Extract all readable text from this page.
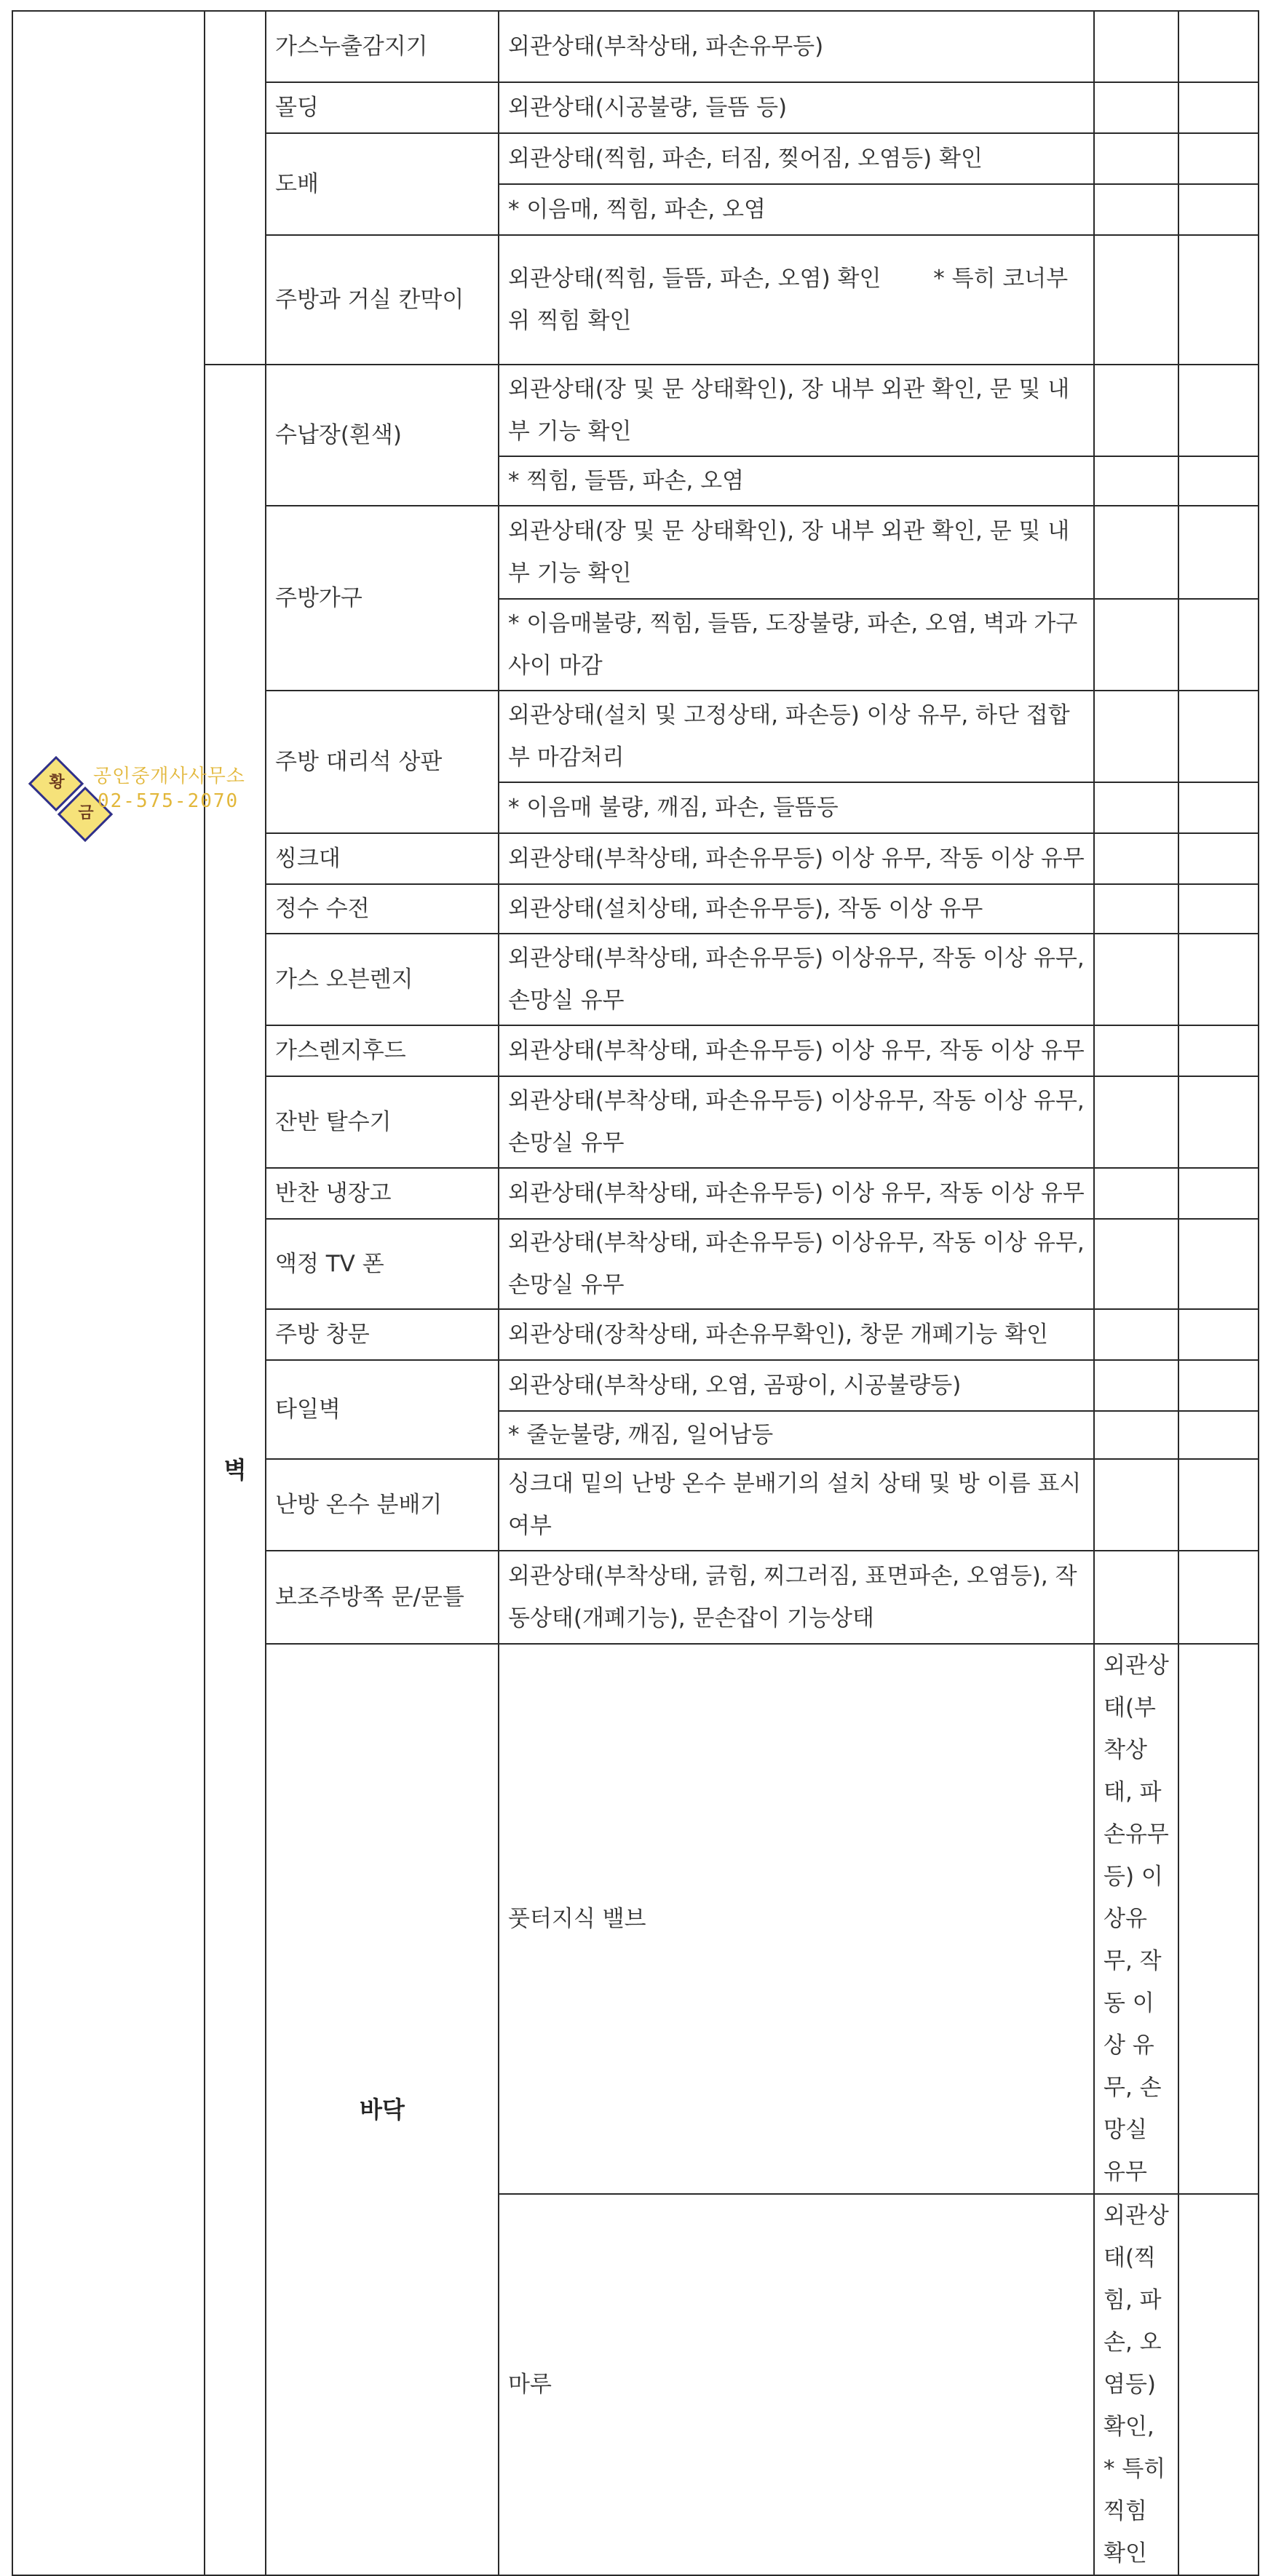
		가스누출감지기	외관상태(부착상태, 파손유무등)			
		몰딩	외관상태(시공불량, 들뜸 등)			
		도배	외관상태(찍힘, 파손, 터짐, 찢어짐, 오염등) 확인			
			* 이음매, 찍힘, 파손, 오염			
		주방과 거실 칸막이	외관상태(찍힘, 들뜸, 파손, 오염) 확인 　　* 특히 코너부위 찍힘 확인			
	벽	수납장(흰색)	외관상태(장 및 문 상태확인), 장 내부 외관 확인, 문 및 내부 기능 확인			
			* 찍힘, 들뜸, 파손, 오염			
		주방가구	외관상태(장 및 문 상태확인), 장 내부 외관 확인, 문 및 내부 기능 확인			
			* 이음매불량, 찍힘, 들뜸, 도장불량, 파손, 오염, 벽과 가구 사이 마감			
		주방 대리석 상판	외관상태(설치 및 고정상태, 파손등) 이상 유무, 하단 접합부 마감처리			
			* 이음매 불량, 깨짐, 파손, 들뜸등			
		씽크대	외관상태(부착상태, 파손유무등) 이상 유무, 작동 이상 유무			
		정수 수전	외관상태(설치상태, 파손유무등), 작동 이상 유무			
		가스 오븐렌지	외관상태(부착상태, 파손유무등) 이상유무, 작동 이상 유무, 손망실 유무			
		가스렌지후드	외관상태(부착상태, 파손유무등) 이상 유무, 작동 이상 유무			
		잔반 탈수기	외관상태(부착상태, 파손유무등) 이상유무, 작동 이상 유무, 손망실 유무			
		반찬 냉장고	외관상태(부착상태, 파손유무등) 이상 유무, 작동 이상 유무			
		액정 TV 폰	외관상태(부착상태, 파손유무등) 이상유무, 작동 이상 유무, 손망실 유무			
		주방 창문	외관상태(장착상태, 파손유무확인), 창문 개폐기능 확인			
		타일벽	외관상태(부착상태, 오염, 곰팡이, 시공불량등)			
			* 줄눈불량, 깨짐, 일어남등			
		난방 온수 분배기	싱크대 밑의 난방 온수 분배기의 설치 상태 및 방 이름 표시 여부			
		보조주방쪽 문/문틀	외관상태(부착상태, 긁힘, 찌그러짐, 표면파손, 오염등), 작동상태(개폐기능), 문손잡이 기능상태			
		바닥	풋터지식 밸브	외관상태(부착상태, 파손유무등) 이상유무, 작동 이상 유무, 손망실 유무		
			마루	외관상태(찍힘, 파손, 오염등) 확인, * 특히 찍힘 확인		
황
금
공인중개사사무소
02-575-2070
